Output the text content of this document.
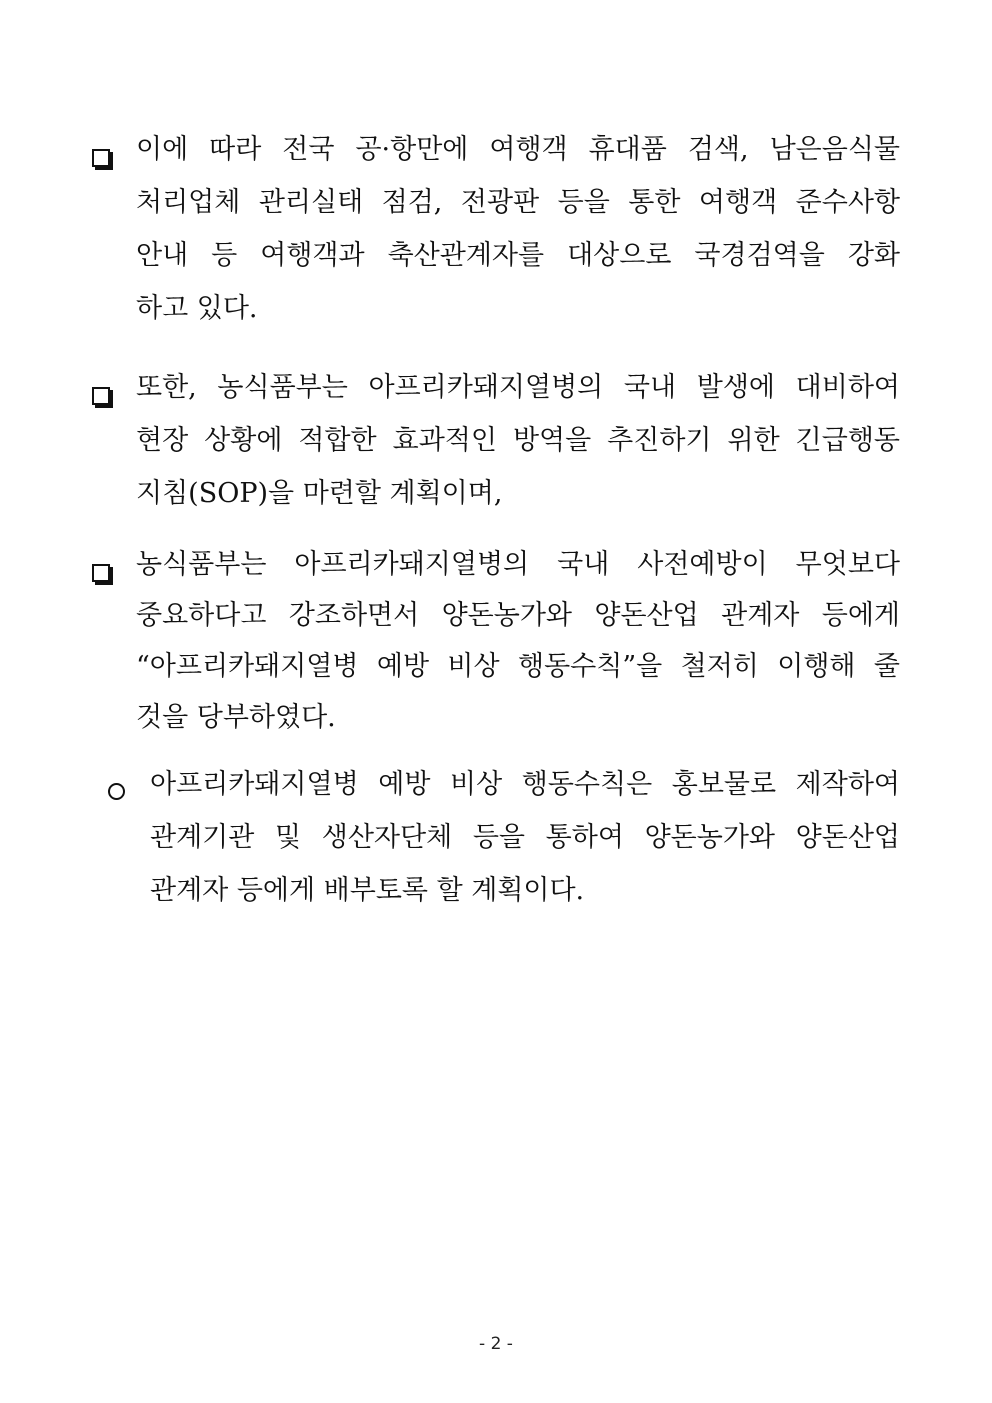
이에 따라 전국 공·항만에 여행객 휴대품 검색, 남은음식물
처리업체 관리실태 점검, 전광판 등을 통한 여행객 준수사항
안내 등 여행객과 축산관계자를 대상으로 국경검역을 강화
하고 있다.
또한, 농식품부는 아프리카돼지열병의 국내 발생에 대비하여
현장 상황에 적합한 효과적인 방역을 추진하기 위한 긴급행동
지침(SOP)을 마련할 계획이며,
농식품부는 아프리카돼지열병의 국내 사전예방이 무엇보다
중요하다고 강조하면서 양돈농가와 양돈산업 관계자 등에게
“아프리카돼지열병 예방 비상 행동수칙”을 철저히 이행해 줄
것을 당부하였다.
아프리카돼지열병 예방 비상 행동수칙은 홍보물로 제작하여
관계기관 및 생산자단체 등을 통하여 양돈농가와 양돈산업
관계자 등에게 배부토록 할 계획이다.
- 2 -
